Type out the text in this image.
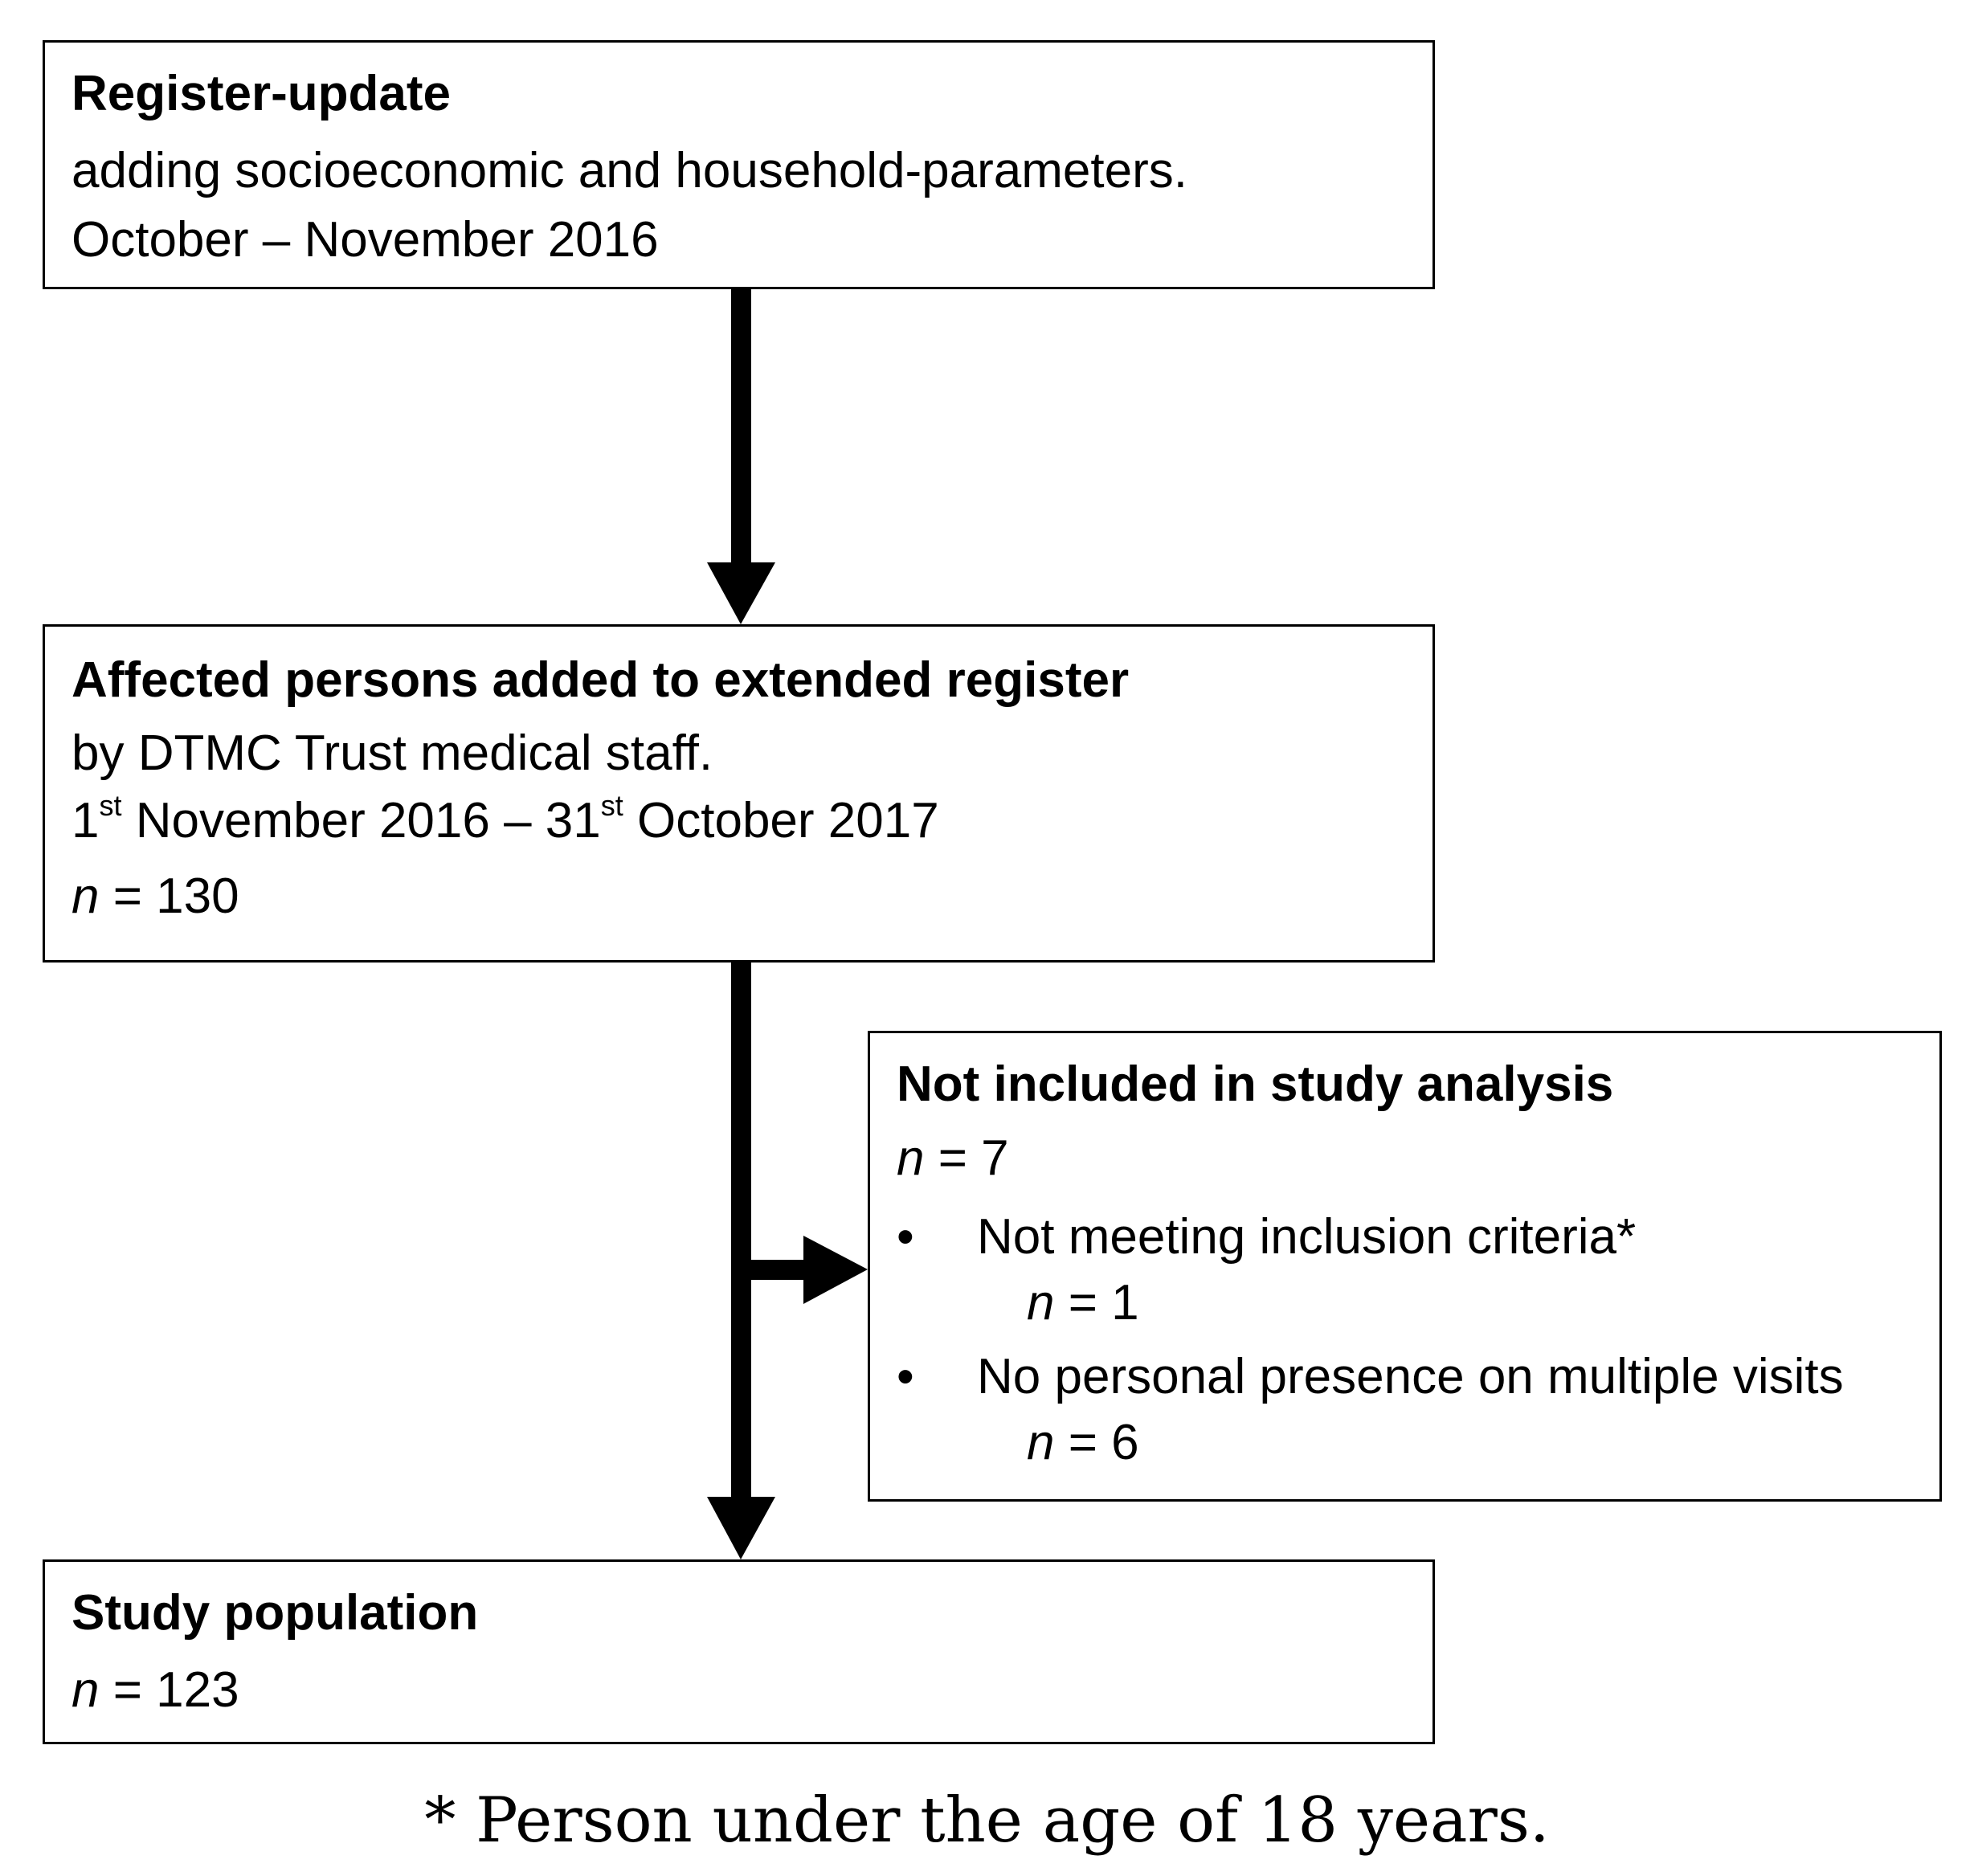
Register-update
adding socioeconomic and household-parameters.
October – November 2016
Affected persons added to extended register
by DTMC Trust medical staff.
1st November 2016 – 31st October 2017
n = 130
Not included in study analysis
n = 7
• Not meeting inclusion criteria*
n = 1
• No personal presence on multiple visits
n = 6
Study population
n = 123
* Person under the age of 18 years.
